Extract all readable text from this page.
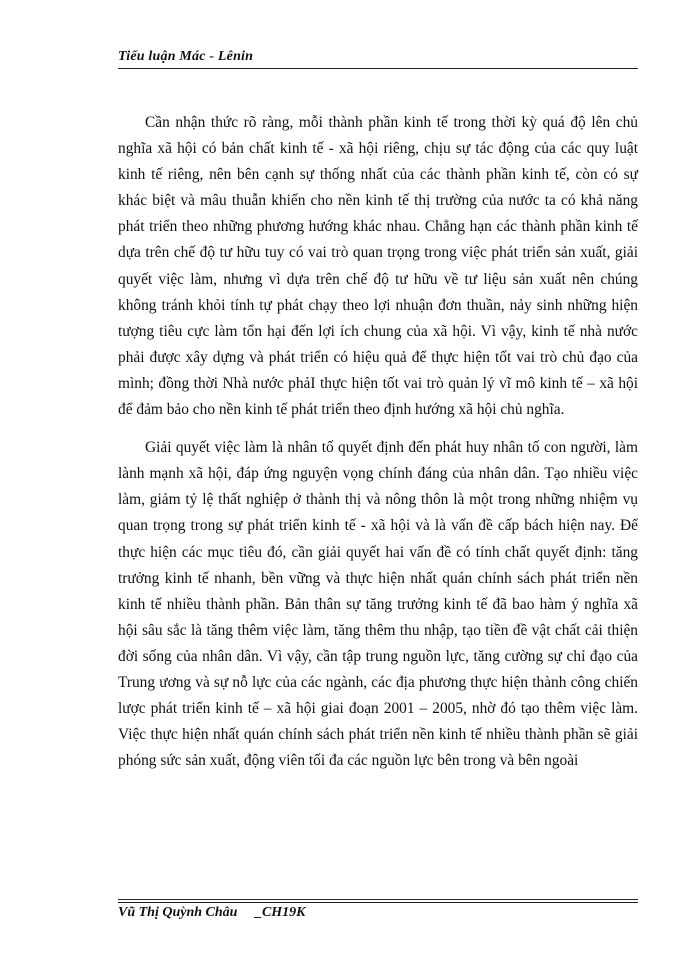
Tiểu luận Mác - Lênin

Cần nhận thức rõ ràng, mỗi thành phần kinh tế trong thời kỳ quá độ lên chủ nghĩa xã hội có bản chất kinh tế - xã hội riêng, chịu sự tác động của các quy luật kinh tế riêng, nên bên cạnh sự thống nhất của các thành phần kinh tế, còn có sự khác biệt và mâu thuẫn khiến cho nền kinh tế thị trường của nước ta có khả năng phát triển theo những phương hướng khác nhau. Chẳng hạn các thành phần kinh tế dựa trên chế độ tư hữu tuy có vai trò quan trọng trong việc phát triển sản xuất, giải quyết việc làm, nhưng vì dựa trên chế độ tư hữu về tư liệu sản xuất nên chúng không tránh khỏi tính tự phát chạy theo lợi nhuận đơn thuần, nảy sinh những hiện tượng tiêu cực làm tổn hại đến lợi ích chung của xã hội. Vì vậy, kinh tế nhà nước phải được xây dựng và phát triển có hiệu quả để thực hiện tốt vai trò chủ đạo của mình; đồng thời Nhà nước phảI thực hiện tốt vai trò quản lý vĩ mô kinh tế – xã hội để đảm bảo cho nền kinh tế phát triển theo định hướng xã hội chủ nghĩa.

Giải quyết việc làm là nhân tố quyết định đến phát huy nhân tố con người, làm lành mạnh xã hội, đáp ứng nguyện vọng chính đáng của nhân dân. Tạo nhiều việc làm, giảm tỷ lệ thất nghiệp ở thành thị và nông thôn là một trong những nhiệm vụ quan trọng trong sự phát triển kinh tế - xã hội và là vấn đề cấp bách hiện nay. Để thực hiện các mục tiêu đó, cần giải quyết hai vấn đề có tính chất quyết định: tăng trưởng kinh tế nhanh, bền vững và thực hiện nhất quán chính sách phát triển nền kinh tế nhiều thành phần. Bản thân sự tăng trưởng kinh tế đã bao hàm ý nghĩa xã hội sâu sắc là tăng thêm việc làm, tăng thêm thu nhập, tạo tiền đề vật chất cải thiện đời sống của nhân dân. Vì vậy, cần tập trung nguồn lực, tăng cường sự chỉ đạo của Trung ương và sự nỗ lực của các ngành, các địa phương thực hiện thành công chiến lược phát triển kinh tế – xã hội giai đoạn 2001 – 2005, nhờ đó tạo thêm việc làm. Việc thực hiện nhất quán chính sách phát triển nền kinh tế nhiều thành phần sẽ giải phóng sức sản xuất, động viên tối đa các nguồn lực bên trong và bên ngoài

Vũ Thị Quỳnh Châu     _CH19K
